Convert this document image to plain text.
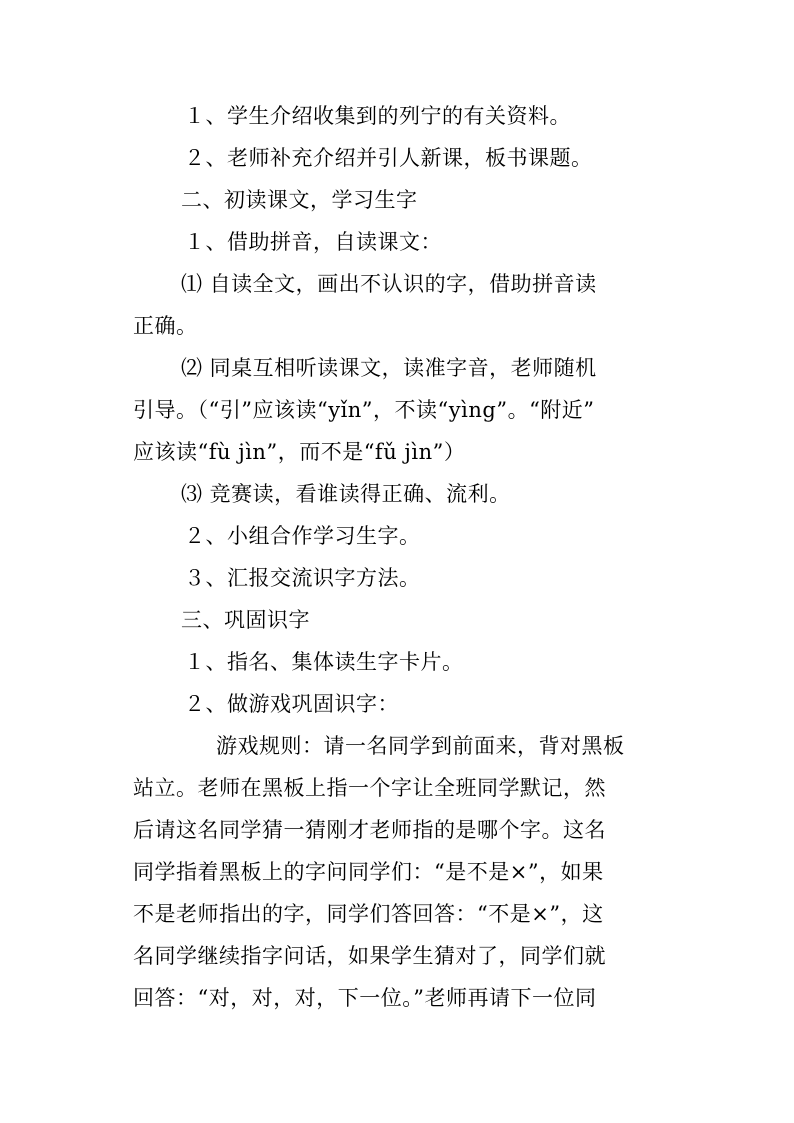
１、学生介绍收集到的列宁的有关资料。
２、老师补充介绍并引人新课，板书课题。
二、初读课文，学习生字
１、借助拼音，自读课文：
⑴ 自读全文，画出不认识的字，借助拼音读
正确。
⑵ 同桌互相听读课文，读准字音，老师随机
引导。（“引”应该读“yǐn”，不读“yìng”。“附近”
应该读“fù jìn”，而不是“fǔ jìn”）
⑶ 竞赛读，看谁读得正确、流利。
２、小组合作学习生字。
３、汇报交流识字方法。
三、巩固识字
１、指名、集体读生字卡片。
２、做游戏巩固识字：
游戏规则：请一名同学到前面来，背对黑板
站立。老师在黑板上指一个字让全班同学默记，然
后请这名同学猜一猜刚才老师指的是哪个字。这名
同学指着黑板上的字问同学们：“是不是×”，如果
不是老师指出的字，同学们答回答：“不是×”，这
名同学继续指字问话，如果学生猜对了，同学们就
回答：“对，对，对，下一位。”老师再请下一位同
